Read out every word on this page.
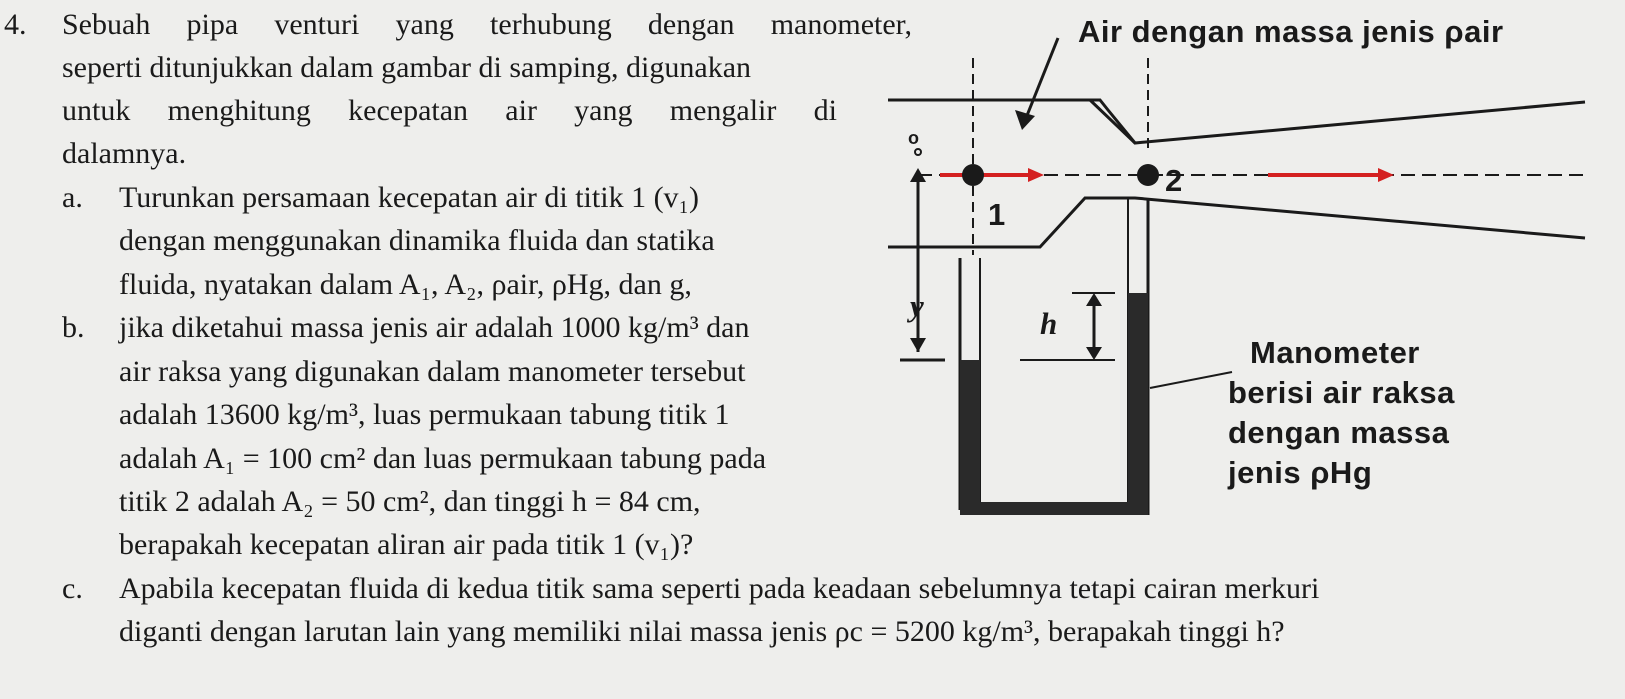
4. Sebuah pipa venturi yang terhubung dengan manometer,
seperti ditunjukkan dalam gambar di samping, digunakan
untuk menghitung kecepatan air yang mengalir di
dalamnya.
a. Turunkan persamaan kecepatan air di titik 1 (v₁)
dengan menggunakan dinamika fluida dan statika
fluida, nyatakan dalam A₁, A₂, ρair, ρHg, dan g,
b. jika diketahui massa jenis air adalah 1000 kg/m³ dan
air raksa yang digunakan dalam manometer tersebut
adalah 13600 kg/m³, luas permukaan tabung titik 1
adalah A₁ = 100 cm² dan luas permukaan tabung pada
titik 2 adalah A₂ = 50 cm², dan tinggi h = 84 cm,
berapakah kecepatan aliran air pada titik 1 (v₁)?
c. Apabila kecepatan fluida di kedua titik sama seperti pada keadaan sebelumnya tetapi cairan merkuri
diganti dengan larutan lain yang memiliki nilai massa jenis ρc = 5200 kg/m³, berapakah tinggi h?
Air dengan massa jenis ρair
1
2
o
y
h
Manometer
berisi air raksa
dengan massa
jenis ρHg
